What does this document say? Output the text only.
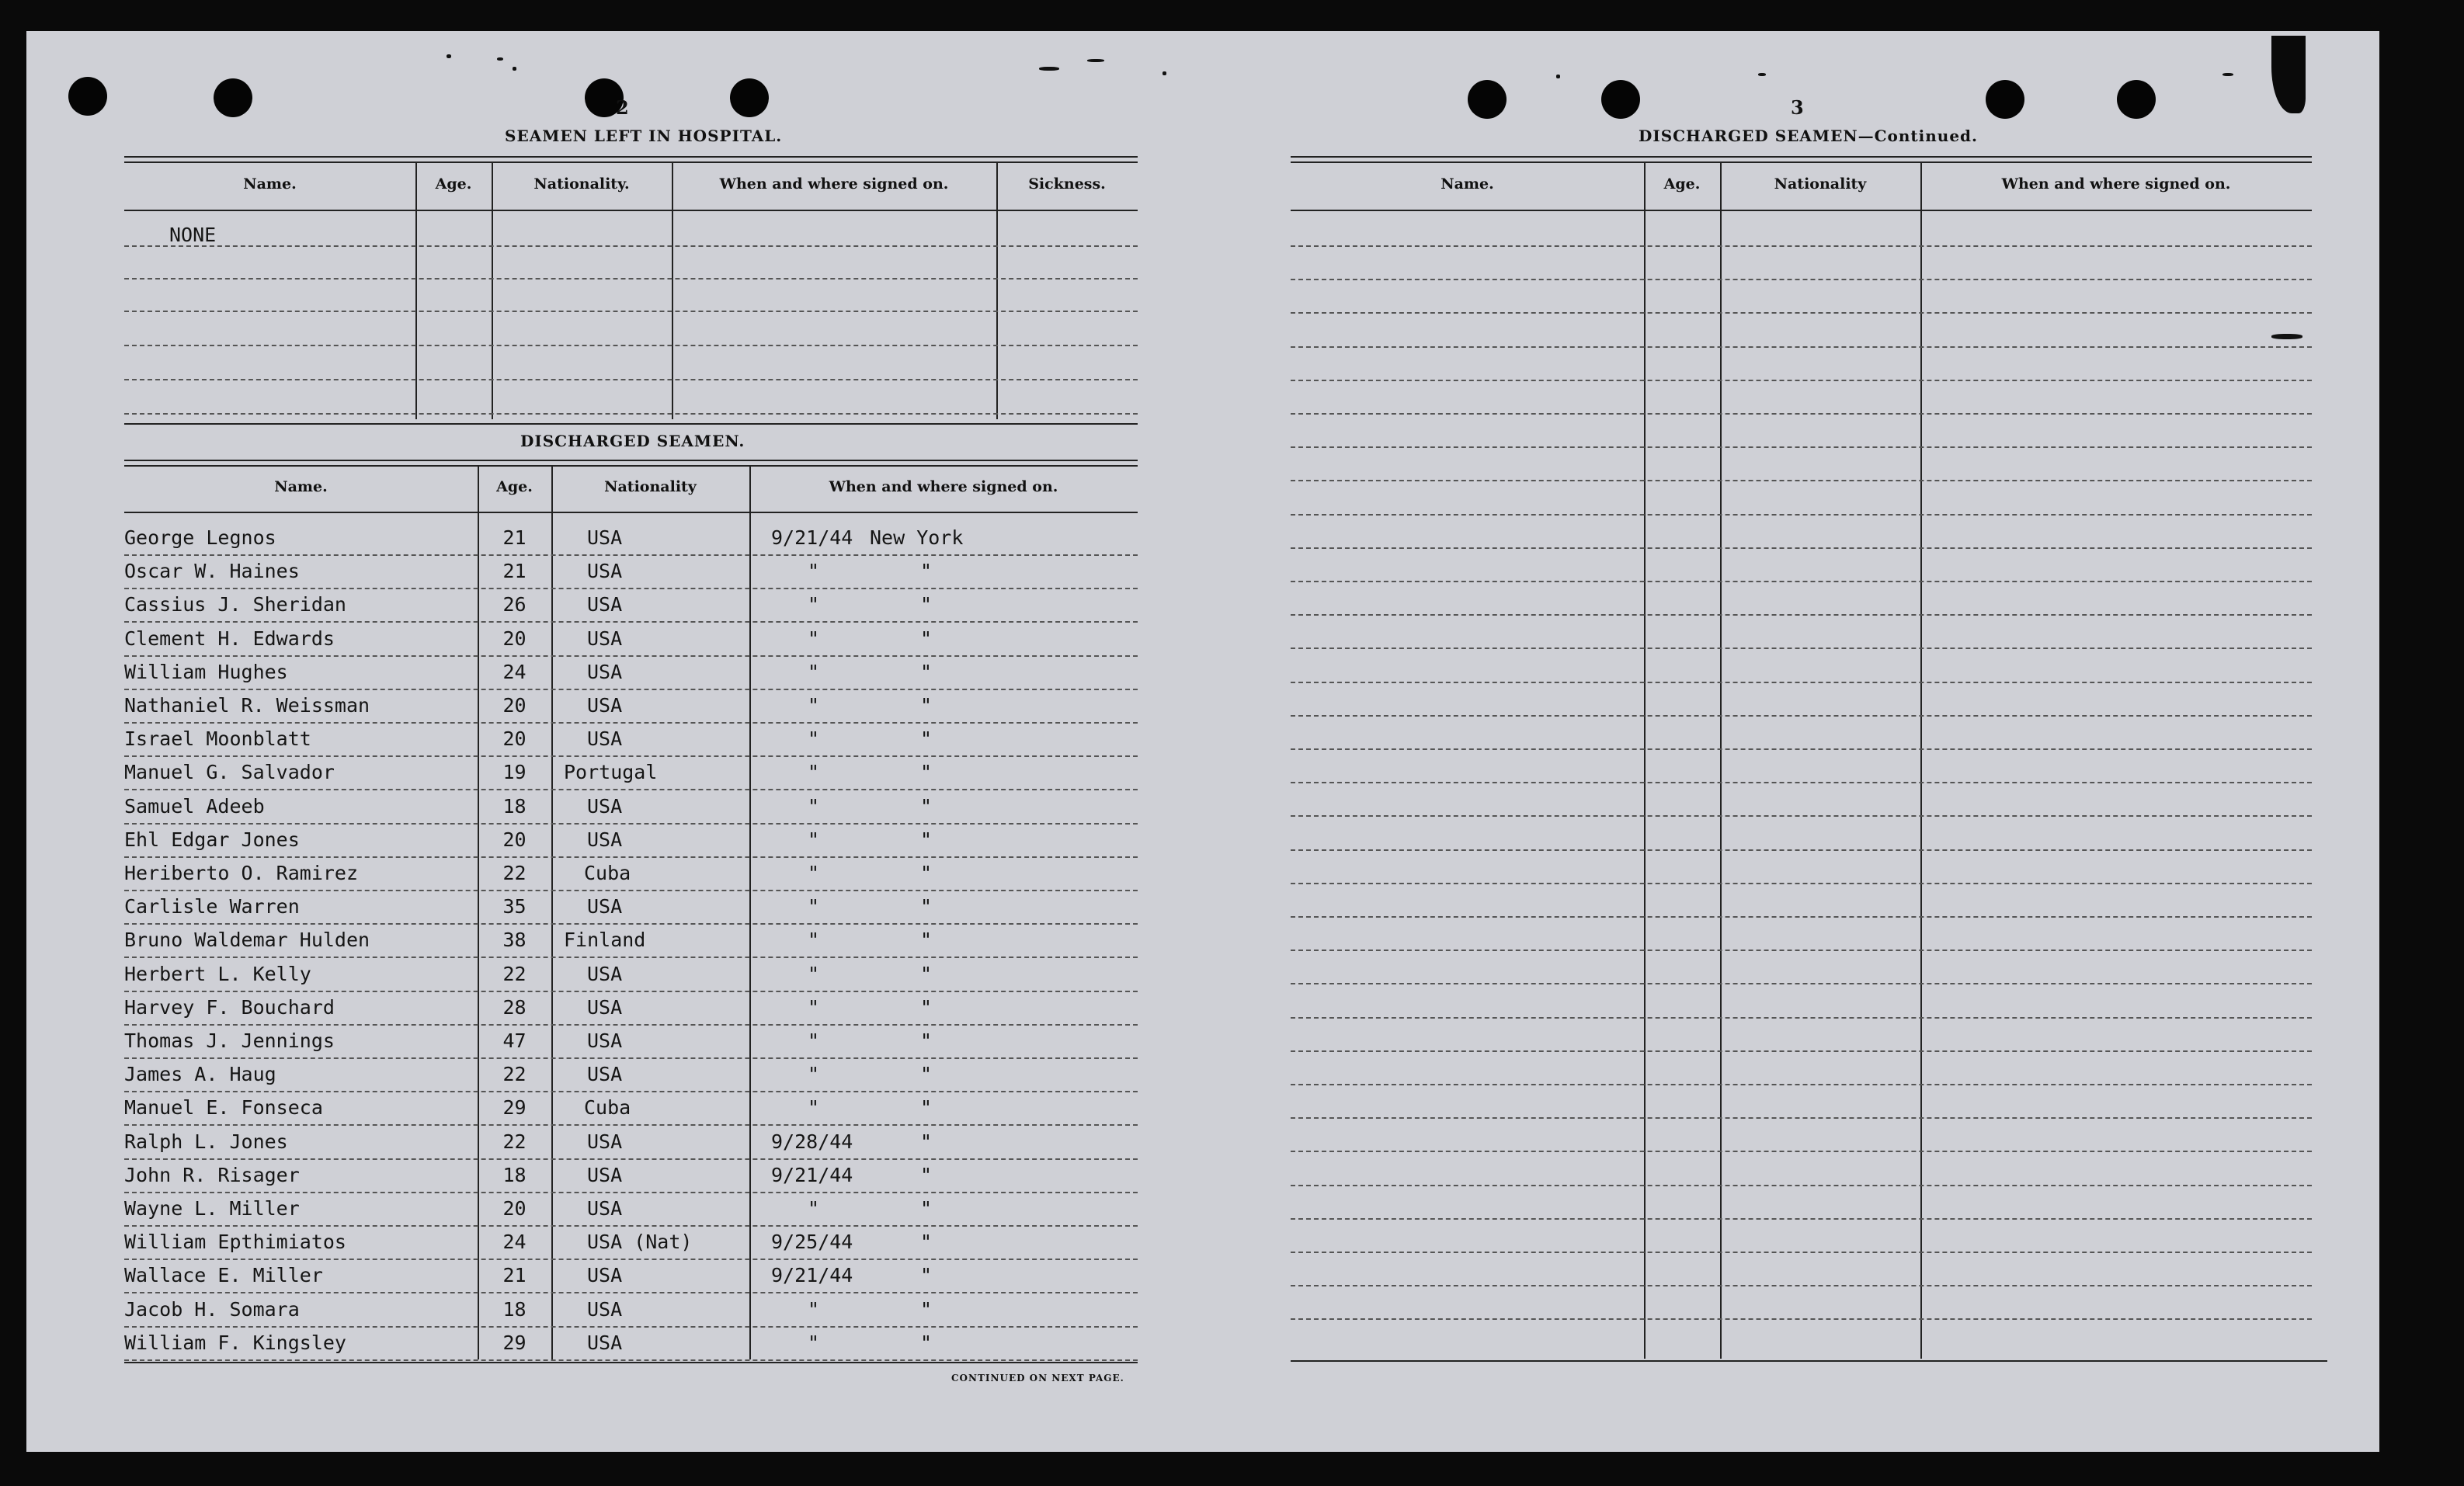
2
SEAMEN LEFT IN HOSPITAL.
Name.	Age.	Nationality.	When and where signed on.	Sickness.
NONE
DISCHARGED SEAMEN.
Name.	Age.	Nationality	When and where signed on.
George Legnos	21	USA	9/21/44 New York
Oscar W. Haines	21	USA	"	"
Cassius J. Sheridan	26	USA	"	"
Clement H. Edwards	20	USA	"	"
William Hughes	24	USA	"	"
Nathaniel R. Weissman	20	USA	"	"
Israel Moonblatt	20	USA	"	"
Manuel G. Salvador	19	Portugal	"	"
Samuel Adeeb	18	USA	"	"
Ehl Edgar Jones	20	USA	"	"
Heriberto O. Ramirez	22	Cuba	"	"
Carlisle Warren	35	USA	"	"
Bruno Waldemar Hulden	38	Finland	"	"
Herbert L. Kelly	22	USA	"	"
Harvey F. Bouchard	28	USA	"	"
Thomas J. Jennings	47	USA	"	"
James A. Haug	22	USA	"	"
Manuel E. Fonseca	29	Cuba	"	"
Ralph L. Jones	22	USA	9/28/44	"
John R. Risager	18	USA	9/21/44	"
Wayne L. Miller	20	USA	"	"
William Epthimiatos	24	USA (Nat)	9/25/44	"
Wallace E. Miller	21	USA	9/21/44	"
Jacob H. Somara	18	USA	"	"
William F. Kingsley	29	USA	"	"
CONTINUED ON NEXT PAGE.
3
DISCHARGED SEAMEN—Continued.
Name.	Age.	Nationality	When and where signed on.
